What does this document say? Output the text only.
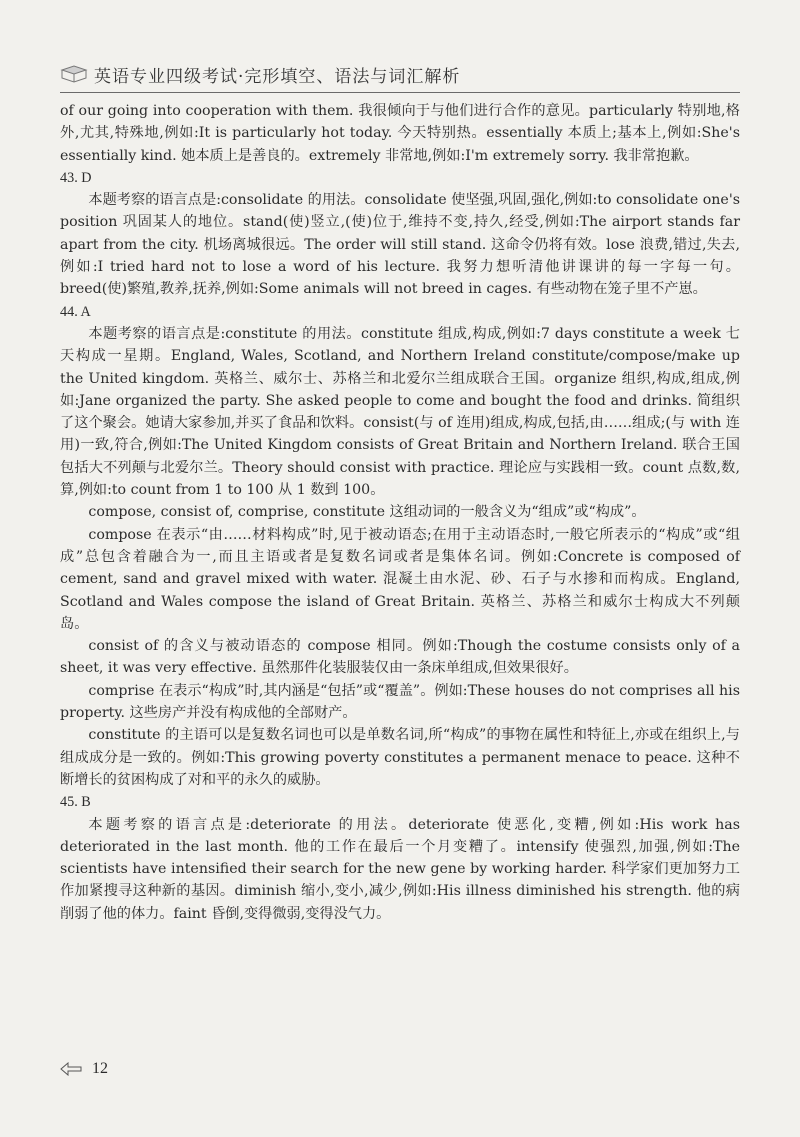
英语专业四级考试·完形填空、语法与词汇解析

of our going into cooperation with them. 我很倾向于与他们进行合作的意见。particularly 特别地,格外,尤其,特殊地,例如:It is particularly hot today. 今天特别热。essentially 本质上;基本上,例如:She's essentially kind. 她本质上是善良的。extremely 非常地,例如:I'm extremely sorry. 我非常抱歉。

43. D

本题考察的语言点是:consolidate 的用法。consolidate 使坚强,巩固,强化,例如:to consolidate one's position 巩固某人的地位。stand(使)竖立,(使)位于,维持不变,持久,经受,例如:The airport stands far apart from the city. 机场离城很远。The order will still stand. 这命令仍将有效。lose 浪费,错过,失去,例如:I tried hard not to lose a word of his lecture. 我努力想听清他讲课讲的每一字每一句。breed(使)繁殖,教养,抚养,例如:Some animals will not breed in cages. 有些动物在笼子里不产崽。

44. A

本题考察的语言点是:constitute 的用法。constitute 组成,构成,例如:7 days constitute a week 七天构成一星期。England, Wales, Scotland, and Northern Ireland constitute/compose/make up the United kingdom. 英格兰、威尔士、苏格兰和北爱尔兰组成联合王国。organize 组织,构成,组成,例如:Jane organized the party. She asked people to come and bought the food and drinks. 简组织了这个聚会。她请大家参加,并买了食品和饮料。consist(与 of 连用)组成,构成,包括,由……组成;(与 with 连用)一致,符合,例如:The United Kingdom consists of Great Britain and Northern Ireland. 联合王国包括大不列颠与北爱尔兰。Theory should consist with practice. 理论应与实践相一致。count 点数,数,算,例如:to count from 1 to 100 从 1 数到 100。

compose, consist of, comprise, constitute 这组动词的一般含义为“组成”或“构成”。

compose 在表示“由……材料构成”时,见于被动语态;在用于主动语态时,一般它所表示的“构成”或“组成”总包含着融合为一,而且主语或者是复数名词或者是集体名词。例如:Concrete is composed of cement, sand and gravel mixed with water. 混凝土由水泥、砂、石子与水掺和而构成。England, Scotland and Wales compose the island of Great Britain. 英格兰、苏格兰和威尔士构成大不列颠岛。

consist of 的含义与被动语态的 compose 相同。例如:Though the costume consists only of a sheet, it was very effective. 虽然那件化装服装仅由一条床单组成,但效果很好。

comprise 在表示“构成”时,其内涵是“包括”或“覆盖”。例如:These houses do not comprises all his property. 这些房产并没有构成他的全部财产。

constitute 的主语可以是复数名词也可以是单数名词,所“构成”的事物在属性和特征上,亦或在组织上,与组成成分是一致的。例如:This growing poverty constitutes a permanent menace to peace. 这种不断增长的贫困构成了对和平的永久的威胁。

45. B

本题考察的语言点是:deteriorate 的用法。deteriorate 使恶化,变糟,例如:His work has deteriorated in the last month. 他的工作在最后一个月变糟了。intensify 使强烈,加强,例如:The scientists have intensified their search for the new gene by working harder. 科学家们更加努力工作加紧搜寻这种新的基因。diminish 缩小,变小,减少,例如:His illness diminished his strength. 他的病削弱了他的体力。faint 昏倒,变得微弱,变得没气力。

12
